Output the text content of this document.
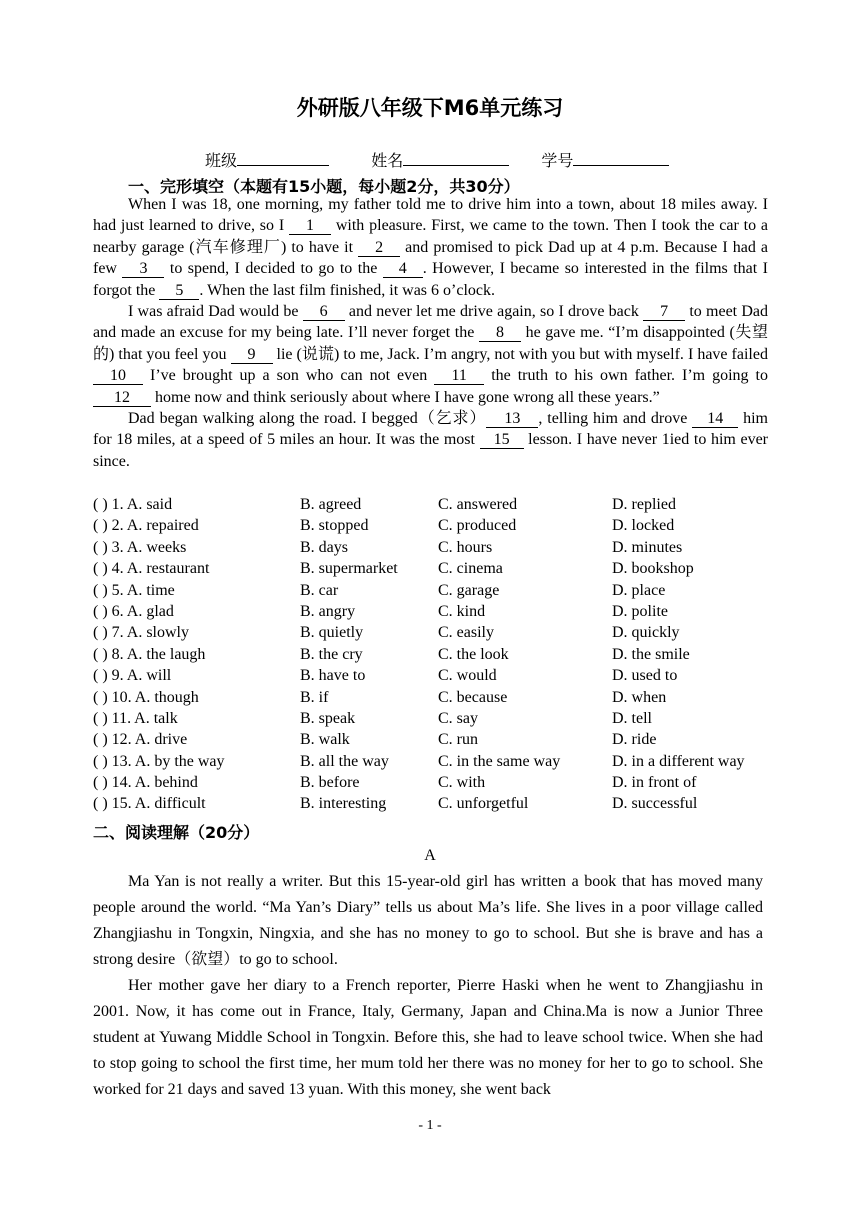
外研版八年级下M6单元练习
班级	姓名	学号
一、完形填空（本题有15小题，每小题2分，共30分）

When I was 18, one morning, my father told me to drive him into a town, about 18 miles away. I had just learned to drive, so I 1 with pleasure. First, we came to the town. Then I took the car to a nearby garage (汽车修理厂) to have it 2 and promised to pick Dad up at 4 p.m. Because I had a few 3 to spend, I decided to go to the 4 . However, I became so interested in the films that I forgot the 5 . When the last film finished, it was 6 o’clock.

I was afraid Dad would be 6 and never let me drive again, so I drove back 7 to meet Dad and made an excuse for my being late. I’ll never forget the 8 he gave me. “I’m disappointed (失望的) that you feel you 9 lie (说谎) to me, Jack. I’m angry, not with you but with myself. I have failed 10 I’ve brought up a son who can not even 11 the truth to his own father. I’m going to 12 home now and think seriously about where I have gone wrong all these years.”

Dad began walking along the road. I begged（乞求） 13 , telling him and drove 14 him for 18 miles, at a speed of 5 miles an hour. It was the most 15 lesson. I have never 1ied to him ever since.

( ) 1. A. said	B. agreed	C. answered	D. replied
( ) 2. A. repaired	B. stopped	C. produced	D. locked
( ) 3. A. weeks	B. days	C. hours	D. minutes
( ) 4. A. restaurant	B. supermarket	C. cinema	D. bookshop
( ) 5. A. time	B. car	C. garage	D. place
( ) 6. A. glad	B. angry	C. kind	D. polite
( ) 7. A. slowly	B. quietly	C. easily	D. quickly
( ) 8. A. the laugh	B. the cry	C. the look	D. the smile
( ) 9. A. will	B. have to	C. would	D. used to
( ) 10. A. though	B. if	C. because	D. when
( ) 11. A. talk	B. speak	C. say	D. tell
( ) 12. A. drive	B. walk	C. run	D. ride
( ) 13. A. by the way	B. all the way	C. in the same way	D. in a different way
( ) 14. A. behind	B. before	C. with	D. in front of
( ) 15. A. difficult	B. interesting	C. unforgetful	D. successful
二、阅读理解（20分）
A

Ma Yan is not really a writer. But this 15-year-old girl has written a book that has moved many people around the world. “Ma Yan’s Diary” tells us about Ma’s life. She lives in a poor village called Zhangjiashu in Tongxin, Ningxia, and she has no money to go to school. But she is brave and has a strong desire（欲望）to go to school.

Her mother gave her diary to a French reporter, Pierre Haski when he went to Zhangjiashu in 2001. Now, it has come out in France, Italy, Germany, Japan and China.Ma is now a Junior Three student at Yuwang Middle School in Tongxin. Before this, she had to leave school twice. When she had to stop going to school the first time, her mum told her there was no money for her to go to school. She worked for 21 days and saved 13 yuan. With this money, she went back

- 1 -
